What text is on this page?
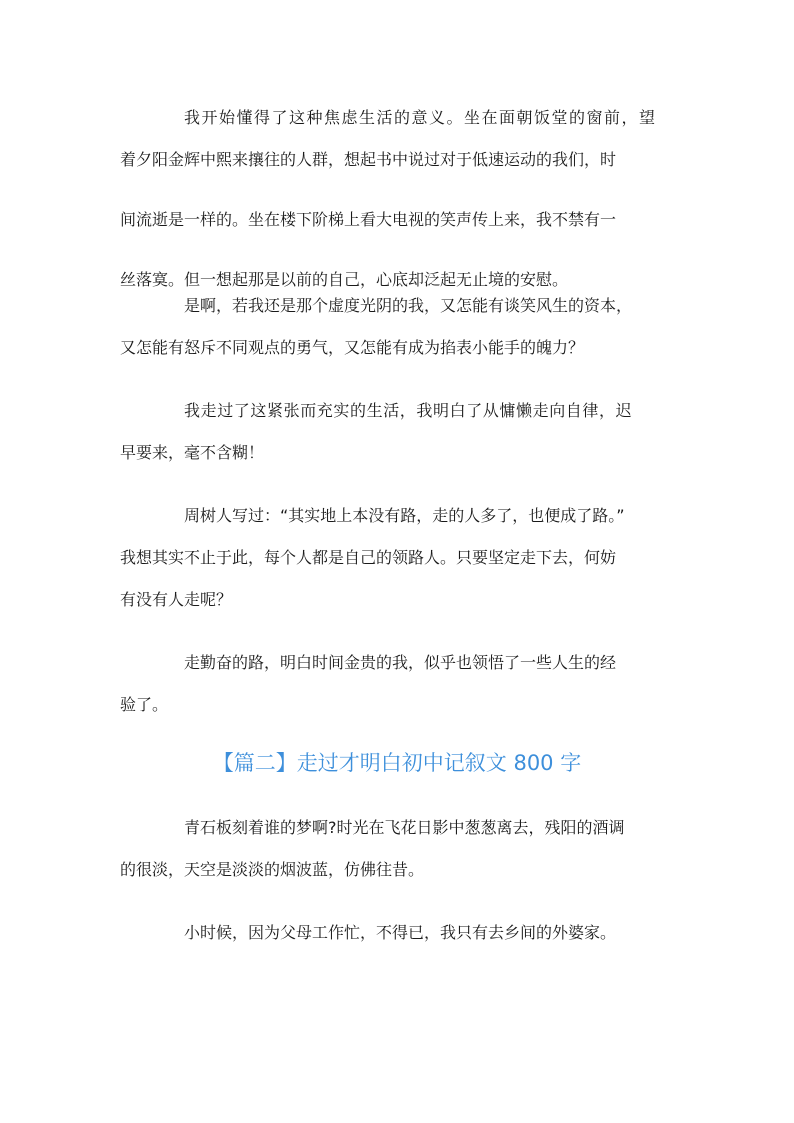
我开始懂得了这种焦虑生活的意义。坐在面朝饭堂的窗前，望
着夕阳金辉中熙来攘往的人群，想起书中说过对于低速运动的我们，时
间流逝是一样的。坐在楼下阶梯上看大电视的笑声传上来，我不禁有一
丝落寞。但一想起那是以前的自己，心底却泛起无止境的安慰。
是啊，若我还是那个虚度光阴的我，又怎能有谈笑风生的资本，
又怎能有怒斥不同观点的勇气，又怎能有成为掐表小能手的魄力？
我走过了这紧张而充实的生活，我明白了从慵懒走向自律，迟
早要来，毫不含糊！
周树人写过：“其实地上本没有路，走的人多了，也便成了路。”
我想其实不止于此，每个人都是自己的领路人。只要坚定走下去，何妨
有没有人走呢？
走勤奋的路，明白时间金贵的我，似乎也领悟了一些人生的经
验了。
【篇二】走过才明白初中记叙文 800 字
青石板刻着谁的梦啊?时光在飞花日影中葱葱离去，残阳的酒调
的很淡，天空是淡淡的烟波蓝，仿佛往昔。
小时候，因为父母工作忙，不得已，我只有去乡间的外婆家。
